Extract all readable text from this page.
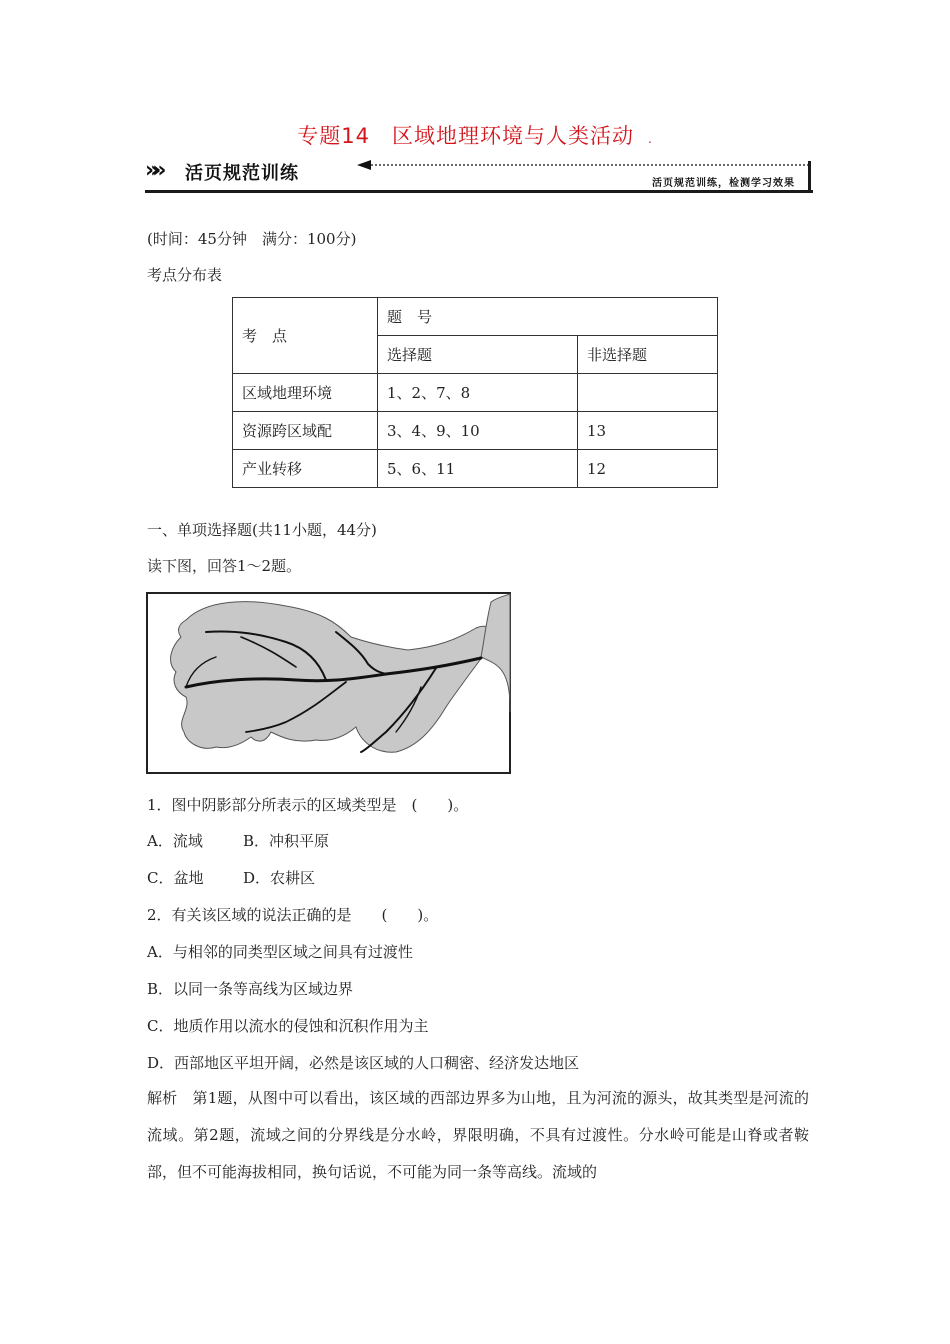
专题14　区域地理环境与人类活动 .
»» 活页规范训练	活页规范训练，检测学习效果
(时间：45分钟　满分：100分)
考点分布表
考　点	题　号	
	选择题	非选择题
区域地理环境	1、2、7、8	
资源跨区域配	3、4、9、10	13
产业转移	5、6、11	12
一、单项选择题(共11小题，44分)
读下图，回答1～2题。
1．图中阴影部分所表示的区域类型是　(　　)。
A．流域	B．冲积平原
C．盆地	D．农耕区
2．有关该区域的说法正确的是　　(　　)。
A．与相邻的同类型区域之间具有过渡性
B．以同一条等高线为区域边界
C．地质作用以流水的侵蚀和沉积作用为主
D．西部地区平坦开阔，必然是该区域的人口稠密、经济发达地区
解析　第1题，从图中可以看出，该区域的西部边界多为山地，且为河流的源头，故其类型是河流的流域。第2题，流域之间的分界线是分水岭，界限明确，不具有过渡性。分水岭可能是山脊或者鞍部，但不可能海拔相同，换句话说，不可能为同一条等高线。流域的
